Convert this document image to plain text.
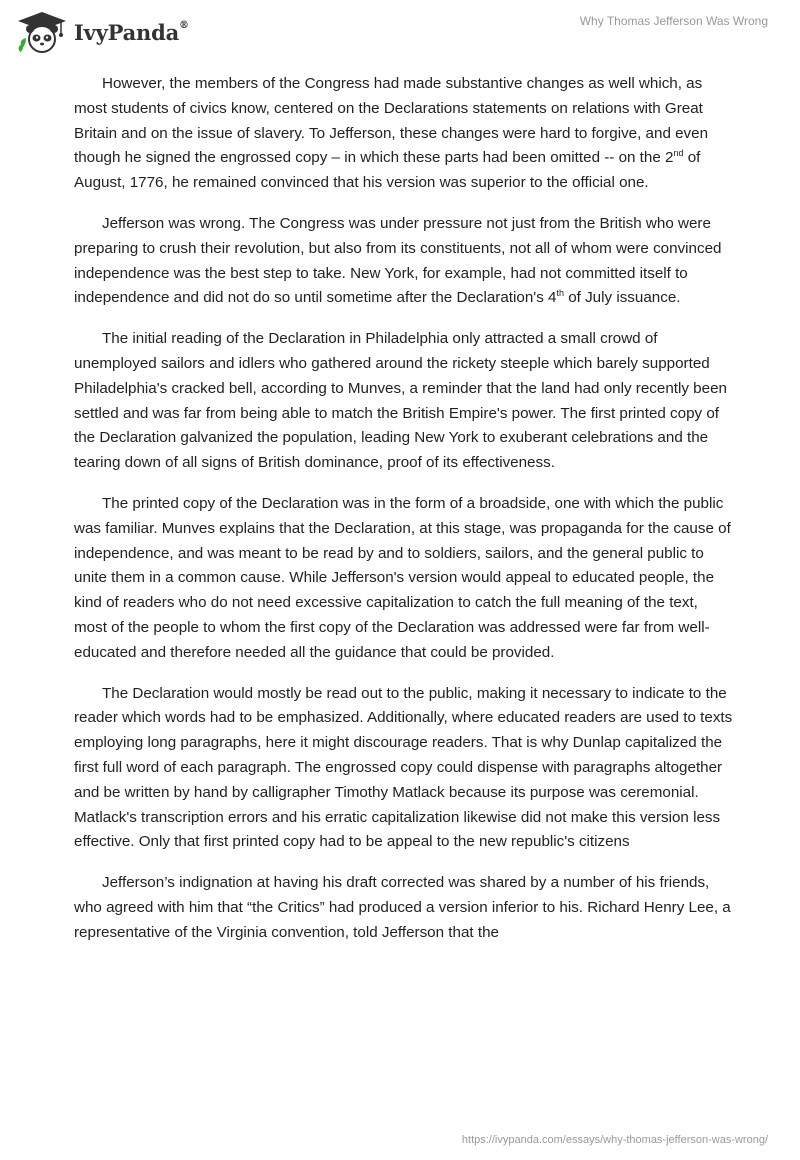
IvyPanda®	Why Thomas Jefferson Was Wrong

However, the members of the Congress had made substantive changes as well which, as most students of civics know, centered on the Declarations statements on relations with Great Britain and on the issue of slavery. To Jefferson, these changes were hard to forgive, and even though he signed the engrossed copy – in which these parts had been omitted -- on the 2nd of August, 1776, he remained convinced that his version was superior to the official one.

Jefferson was wrong. The Congress was under pressure not just from the British who were preparing to crush their revolution, but also from its constituents, not all of whom were convinced independence was the best step to take. New York, for example, had not committed itself to independence and did not do so until sometime after the Declaration's 4th of July issuance.

The initial reading of the Declaration in Philadelphia only attracted a small crowd of unemployed sailors and idlers who gathered around the rickety steeple which barely supported Philadelphia's cracked bell, according to Munves, a reminder that the land had only recently been settled and was far from being able to match the British Empire's power. The first printed copy of the Declaration galvanized the population, leading New York to exuberant celebrations and the tearing down of all signs of British dominance, proof of its effectiveness.

The printed copy of the Declaration was in the form of a broadside, one with which the public was familiar. Munves explains that the Declaration, at this stage, was propaganda for the cause of independence, and was meant to be read by and to soldiers, sailors, and the general public to unite them in a common cause. While Jefferson's version would appeal to educated people, the kind of readers who do not need excessive capitalization to catch the full meaning of the text, most of the people to whom the first copy of the Declaration was addressed were far from well-educated and therefore needed all the guidance that could be provided.

The Declaration would mostly be read out to the public, making it necessary to indicate to the reader which words had to be emphasized. Additionally, where educated readers are used to texts employing long paragraphs, here it might discourage readers. That is why Dunlap capitalized the first full word of each paragraph. The engrossed copy could dispense with paragraphs altogether and be written by hand by calligrapher Timothy Matlack because its purpose was ceremonial. Matlack's transcription errors and his erratic capitalization likewise did not make this version less effective. Only that first printed copy had to be appeal to the new republic's citizens

Jefferson’s indignation at having his draft corrected was shared by a number of his friends, who agreed with him that “the Critics” had produced a version inferior to his. Richard Henry Lee, a representative of the Virginia convention, told Jefferson that the

https://ivypanda.com/essays/why-thomas-jefferson-was-wrong/
